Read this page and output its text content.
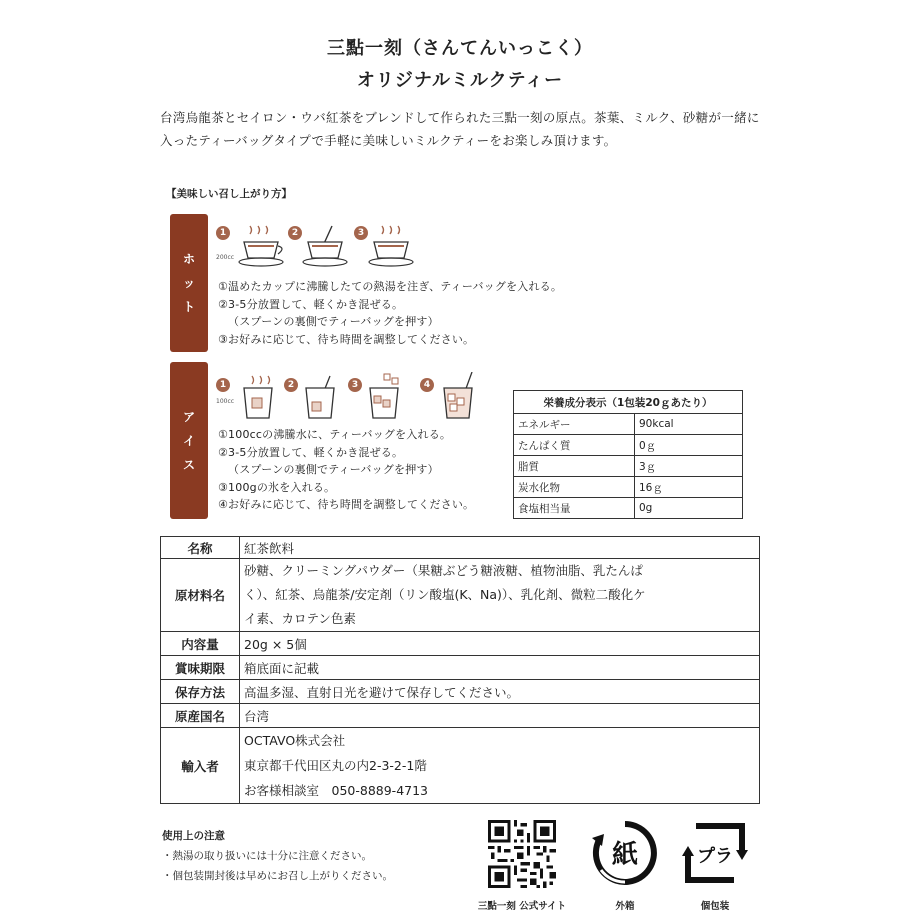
三點一刻（さんてんいっこく）
オリジナルミルクティー
台湾烏龍茶とセイロン・ウバ紅茶をブレンドして作られた三點一刻の原点。茶葉、ミルク、砂糖が一緒に入ったティーバッグタイプで手軽に美味しいミルクティーをお楽しみ頂けます。
【美味しい召し上がり方】
ホ
ッ
ト
1
200cc
2	3
①温めたカップに沸騰したての熱湯を注ぎ、ティーバッグを入れる。
②3-5分放置して、軽くかき混ぜる。
（スプーンの裏側でティーバッグを押す）
③お好みに応じて、待ち時間を調整してください。
ア
イ
ス
1
100cc
2	3	4
①100ccの沸騰水に、ティーバッグを入れる。
②3-5分放置して、軽くかき混ぜる。
（スプーンの裏側でティーバッグを押す）
③100gの氷を入れる。
④お好みに応じて、待ち時間を調整してください。
栄養成分表示（1包装20ｇあたり）	
エネルギー	90kcal
たんぱく質	0ｇ
脂質	3ｇ
炭水化物	16ｇ
食塩相当量	0g
名称	紅茶飲料
原材料名	砂糖、クリーミングパウダー（果糖ぶどう糖液糖、植物油脂、乳たんぱ
く）、紅茶、烏龍茶/安定剤（リン酸塩(K、Na)）、乳化剤、微粒二酸化ケ
イ素、カロテン色素

内容量	20g × 5個
賞味期限	箱底面に記載
保存方法	高温多湿、直射日光を避けて保存してください。
原産国名	台湾
輸入者	OCTAVO株式会社
東京都千代田区丸の内2-3-2-1階
お客様相談室　050-8889-4713
使用上の注意
・熱湯の取り扱いには十分に注意ください。
・個包装開封後は早めにお召し上がりください。
三點一刻 公式サイト
紙
外箱
プラ
個包装
